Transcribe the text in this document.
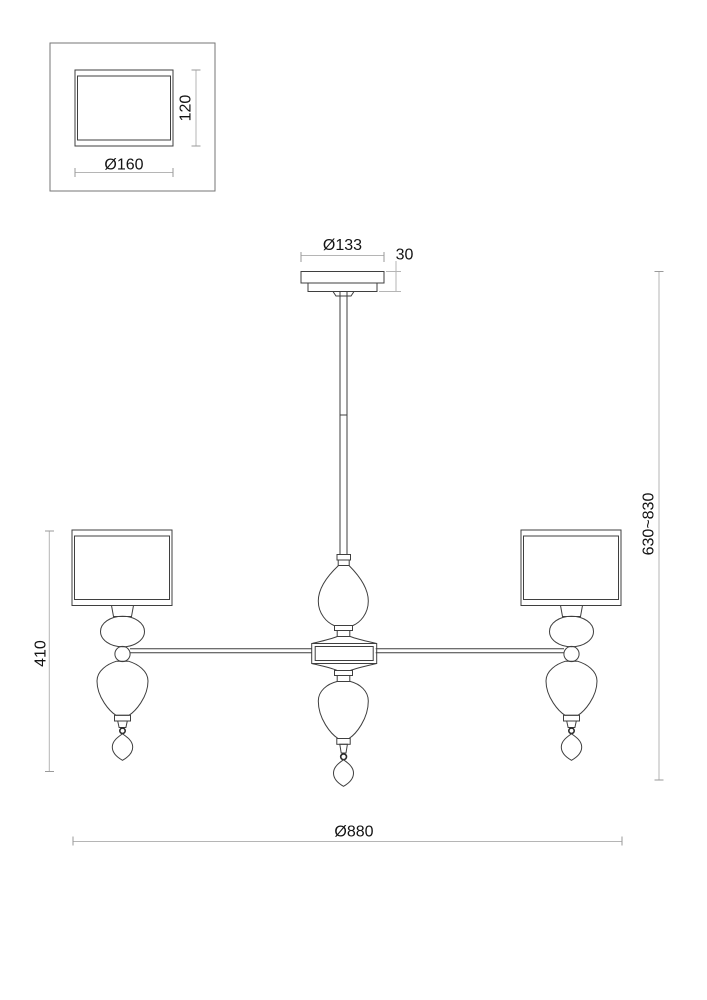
120
Ø160
Ø133
30
410
630~830
Ø880
